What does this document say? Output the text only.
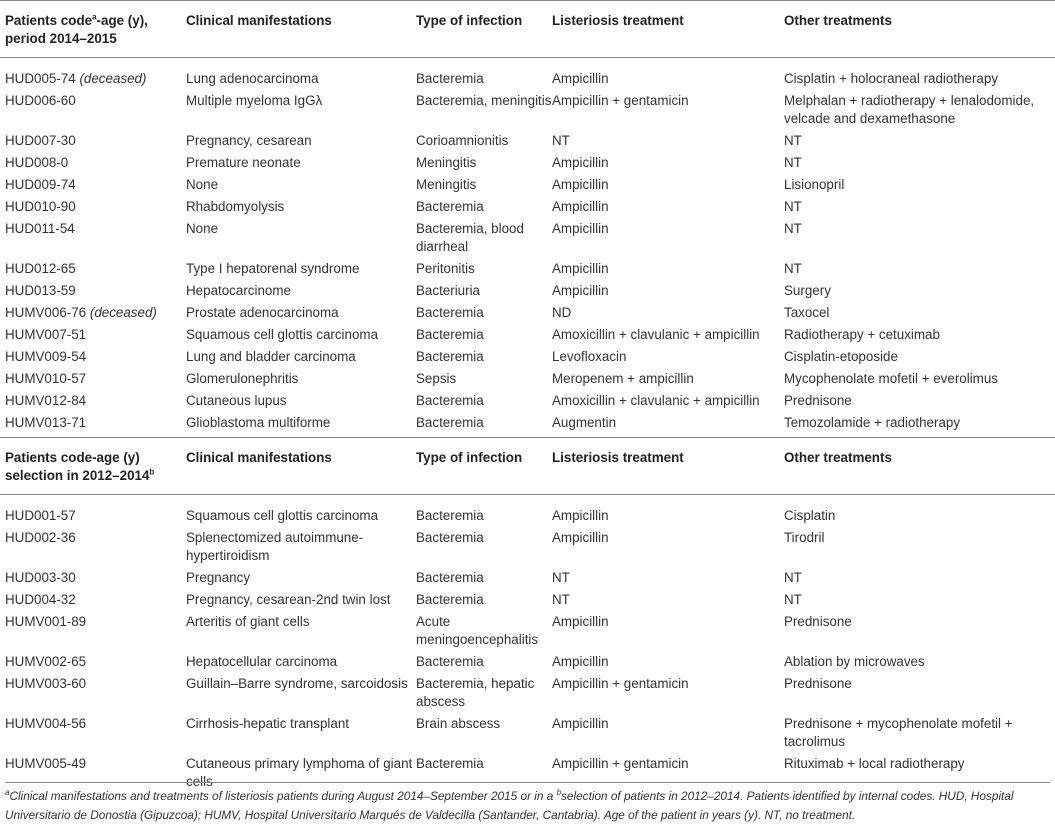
Patients code$^a$-age (y),
period 2014–2015	Clinical manifestations	Type of infection	Listeriosis treatment	Other treatments
HUD005-74 (deceased)	Lung adenocarcinoma	Bacteremia	Ampicillin	Cisplatin + holocraneal radiotherapy
HUD006-60	Multiple myeloma IgGλ	Bacteremia, meningitis	Ampicillin + gentamicin	Melphalan + radiotherapy + lenalodomide, velcade and dexamethasone
HUD007-30	Pregnancy, cesarean	Corioamnionitis	NT	NT
HUD008-0	Premature neonate	Meningitis	Ampicillin	NT
HUD009-74	None	Meningitis	Ampicillin	Lisionopril
HUD010-90	Rhabdomyolysis	Bacteremia	Ampicillin	NT
HUD011-54	None	Bacteremia, blood diarrheal	Ampicillin	NT
HUD012-65	Type I hepatorenal syndrome	Peritonitis	Ampicillin	NT
HUD013-59	Hepatocarcinome	Bacteriuria	Ampicillin	Surgery
HUMV006-76 (deceased)	Prostate adenocarcinoma	Bacteremia	ND	Taxocel
HUMV007-51	Squamous cell glottis carcinoma	Bacteremia	Amoxicillin + clavulanic + ampicillin	Radiotherapy + cetuximab
HUMV009-54	Lung and bladder carcinoma	Bacteremia	Levofloxacin	Cisplatin-etoposide
HUMV010-57	Glomerulonephritis	Sepsis	Meropenem + ampicillin	Mycophenolate mofetil + everolimus
HUMV012-84	Cutaneous lupus	Bacteremia	Amoxicillin + clavulanic + ampicillin	Prednisone
HUMV013-71	Glioblastoma multiforme	Bacteremia	Augmentin	Temozolamide + radiotherapy

Patients code-age (y)
selection in 2012–2014$^b$	Clinical manifestations	Type of infection	Listeriosis treatment	Other treatments
HUD001-57	Squamous cell glottis carcinoma	Bacteremia	Ampicillin	Cisplatin
HUD002-36	Splenectomized autoimmune-hypertiroidism	Bacteremia	Ampicillin	Tirodril
HUD003-30	Pregnancy	Bacteremia	NT	NT
HUD004-32	Pregnancy, cesarean-2nd twin lost	Bacteremia	NT	NT
HUMV001-89	Arteritis of giant cells	Acute meningoencephalitis	Ampicillin	Prednisone
HUMV002-65	Hepatocellular carcinoma	Bacteremia	Ampicillin	Ablation by microwaves
HUMV003-60	Guillain–Barre syndrome, sarcoidosis	Bacteremia, hepatic abscess	Ampicillin + gentamicin	Prednisone
HUMV004-56	Cirrhosis-hepatic transplant	Brain abscess	Ampicillin	Prednisone + mycophenolate mofetil + tacrolimus
HUMV005-49	Cutaneous primary lymphoma of giant cells	Bacteremia	Ampicillin + gentamicin	Rituximab + local radiotherapy
$^a$Clinical manifestations and treatments of listeriosis patients during August 2014–September 2015 or in a $^b$selection of patients in 2012–2014. Patients identified by internal codes. HUD, Hospital Universitario de Donostia (Gipuzcoa); HUMV, Hospital Universitario Marqués de Valdecilla (Santander, Cantabria). Age of the patient in years (y). NT, no treatment.
